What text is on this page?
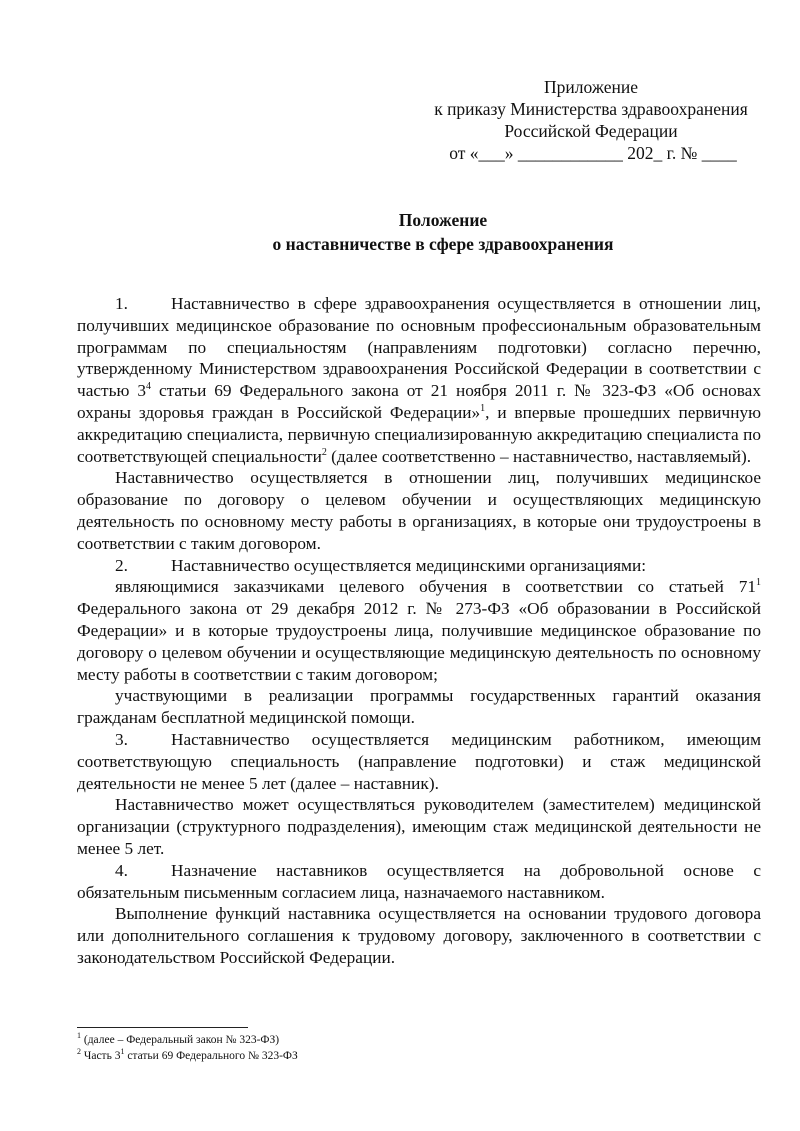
Приложение
к приказу Министерства здравоохранения
Российской Федерации
от «___» ____________ 202_ г. № ____
Положение
о наставничестве в сфере здравоохранения

1. Наставничество в сфере здравоохранения осуществляется в отношении лиц, получивших медицинское образование по основным профессиональным образовательным программам по специальностям (направлениям подготовки) согласно перечню, утвержденному Министерством здравоохранения Российской Федерации в соответствии с частью $3^4$ статьи 69 Федерального закона от 21 ноября 2011 г. № 323-ФЗ «Об основах охраны здоровья граждан в Российской Федерации»$^1$, и впервые прошедших первичную аккредитацию специалиста, первичную специализированную аккредитацию специалиста по соответствующей специальности$^2$ (далее соответственно – наставничество, наставляемый).

Наставничество осуществляется в отношении лиц, получивших медицинское образование по договору о целевом обучении и осуществляющих медицинскую деятельность по основному месту работы в организациях, в которые они трудоустроены в соответствии с таким договором.

2. Наставничество осуществляется медицинскими организациями:

являющимися заказчиками целевого обучения в соответствии со статьей $71^1$ Федерального закона от 29 декабря 2012 г. № 273-ФЗ «Об образовании в Российской Федерации» и в которые трудоустроены лица, получившие медицинское образование по договору о целевом обучении и осуществляющие медицинскую деятельность по основному месту работы в соответствии с таким договором;

участвующими в реализации программы государственных гарантий оказания гражданам бесплатной медицинской помощи.

3. Наставничество осуществляется медицинским работником, имеющим соответствующую специальность (направление подготовки) и стаж медицинской деятельности не менее 5 лет (далее – наставник).

Наставничество может осуществляться руководителем (заместителем) медицинской организации (структурного подразделения), имеющим стаж медицинской деятельности не менее 5 лет.

4. Назначение наставников осуществляется на добровольной основе с обязательным письменным согласием лица, назначаемого наставником.

Выполнение функций наставника осуществляется на основании трудового договора или дополнительного соглашения к трудовому договору, заключенного в соответствии с законодательством Российской Федерации.

$^1$ (далее – Федеральный закон № 323-ФЗ)
$^2$ Часть $3^1$ статьи 69 Федерального № 323-ФЗ
